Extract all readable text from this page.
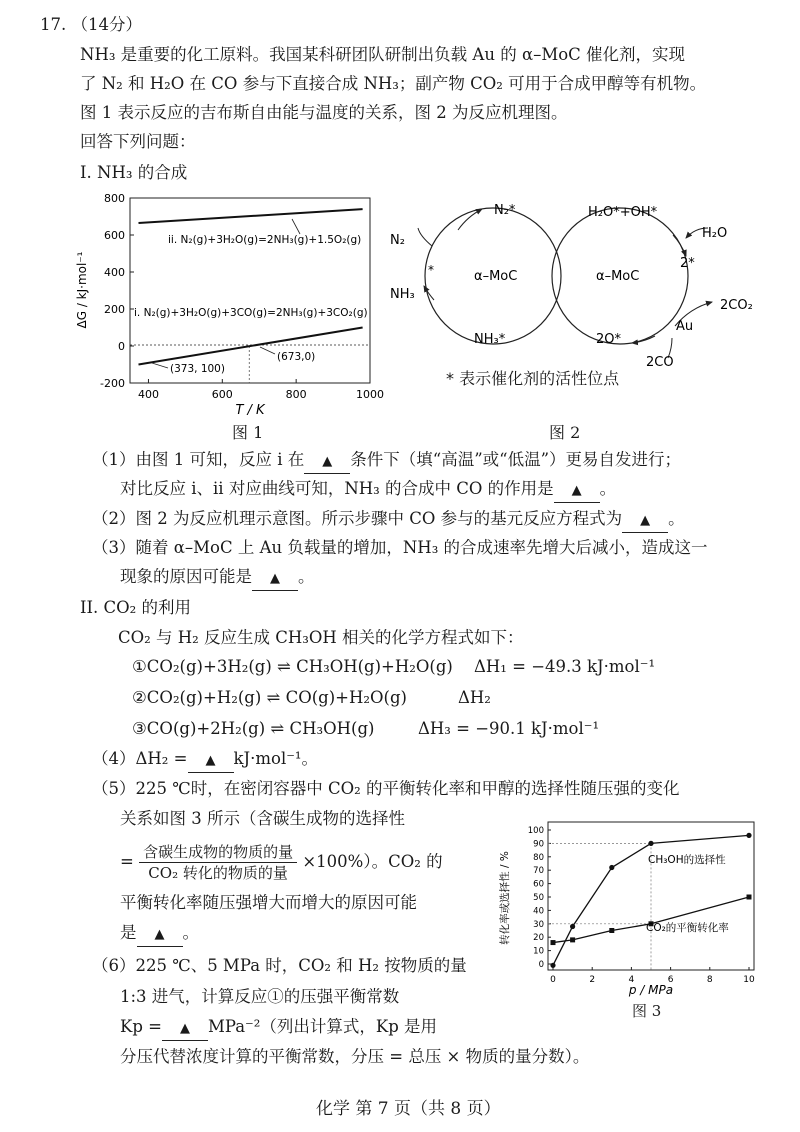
17. （14分）
NH₃ 是重要的化工原料。我国某科研团队研制出负载 Au 的 α–MoC 催化剂，实现
了 N₂ 和 H₂O 在 CO 参与下直接合成 NH₃；副产物 CO₂ 可用于合成甲醇等有机物。
图 1 表示反应的吉布斯自由能与温度的关系，图 2 为反应机理图。
回答下列问题：
I. NH₃ 的合成
800
600
400
200
0
-200
400	600	800	1000
ii. N₂(g)+3H₂O(g)=2NH₃(g)+1.5O₂(g)
i. N₂(g)+3H₂O(g)+3CO(g)=2NH₃(g)+3CO₂(g)
(673,0)
(373, 100)
ΔG / kJ·mol⁻¹
T / K
图 1
N₂*
N₂
NH₃
*
NH₃*
α–MoC	α–MoC
H₂O*+OH*
H₂O
2*
2CO₂
Au
2O*
2CO
* 表示催化剂的活性位点
图 2
（1）由图 1 可知，反应 i 在 ▲ 条件下（填“高温”或“低温”）更易自发进行；
对比反应 i、ii 对应曲线可知，NH₃ 的合成中 CO 的作用是 ▲ 。
（2）图 2 为反应机理示意图。所示步骤中 CO 参与的基元反应方程式为 ▲ 。
（3）随着 α–MoC 上 Au 负载量的增加，NH₃ 的合成速率先增大后减小，造成这一
现象的原因可能是 ▲ 。
II. CO₂ 的利用
CO₂ 与 H₂ 反应生成 CH₃OH 相关的化学方程式如下：
①CO₂(g)+3H₂(g) ⇌ CH₃OH(g)+H₂O(g) ΔH₁ = −49.3 kJ·mol⁻¹
②CO₂(g)+H₂(g) ⇌ CO(g)+H₂O(g)	ΔH₂
③CO(g)+2H₂(g) ⇌ CH₃OH(g)	ΔH₃ = −90.1 kJ·mol⁻¹
（4）ΔH₂ = ▲ kJ·mol⁻¹。
（5）225 ℃时，在密闭容器中 CO₂ 的平衡转化率和甲醇的选择性随压强的变化
关系如图 3 所示（含碳生成物的选择性
= $\frac{\text{含碳生成物的物质的量}}{\text{CO₂ 转化的物质的量}} \times 100\%$）。CO₂ 的
平衡转化率随压强增大而增大的原因可能
是 ▲ 。
（6）225 ℃、5 MPa 时，CO₂ 和 H₂ 按物质的量
1:3 进气，计算反应①的压强平衡常数
Kp = ▲ MPa⁻²（列出计算式，Kp 是用
分压代替浓度计算的平衡常数，分压 = 总压 × 物质的量分数）。
100
90
80
70
60
50
40
30
20
10
0
0	2	4	6	8	10
CH₃OH的选择性
CO₂的平衡转化率
转化率或选择性 / %
p / MPa
图 3
化学 第 7 页（共 8 页）
